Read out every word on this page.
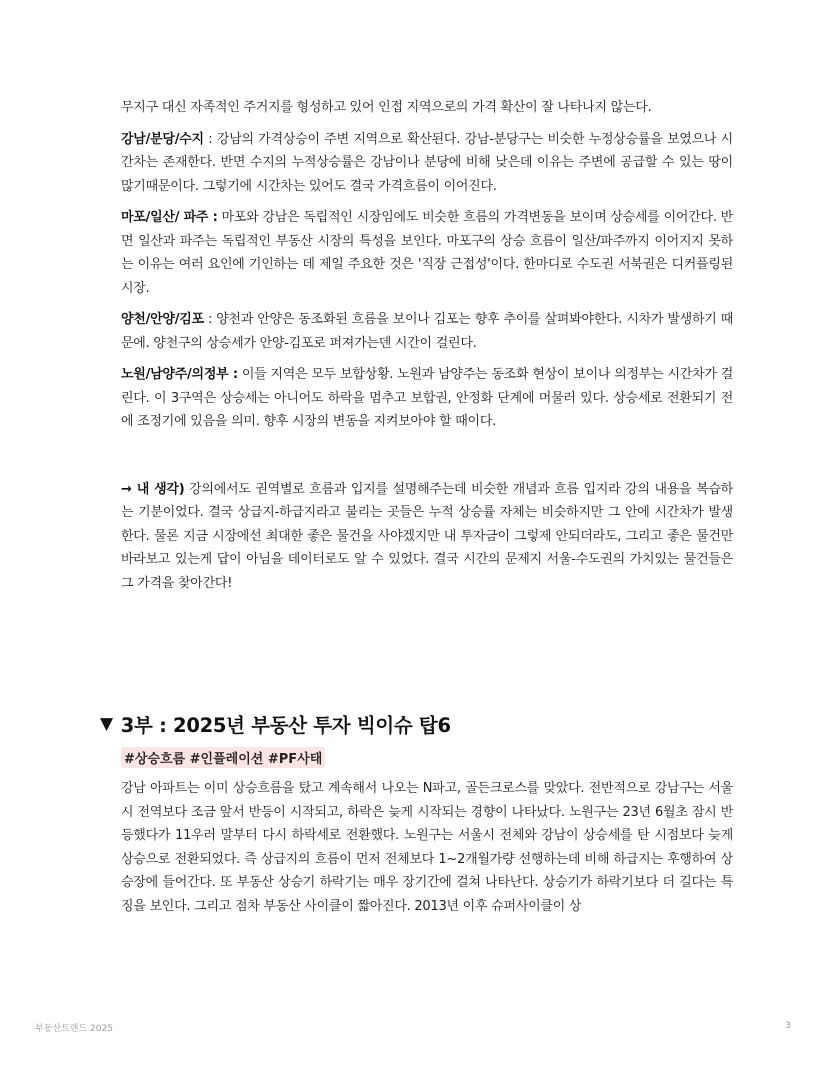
무지구 대신 자족적인 주거지를 형성하고 있어 인접 지역으로의 가격 확산이 잘 나타나지 않는다.

강남/분당/수지 : 강남의 가격상승이 주변 지역으로 확산된다. 강남-분당구는 비슷한 누정상승률을 보였으나 시간차는 존재한다. 반면 수지의 누적상승률은 강남이나 분당에 비해 낮은데 이유는 주변에 공급할 수 있는 땅이 많기때문이다. 그렇기에 시간차는 있어도 결국 가격흐름이 이어진다.

마포/일산/ 파주 : 마포와 강남은 독립적인 시장임에도 비슷한 흐름의 가격변동을 보이며 상승세를 이어간다. 반면 일산과 파주는 독립적인 부동산 시장의 특성을 보인다. 마포구의 상승 흐름이 일산/파주까지 이어지지 못하는 이유는 여러 요인에 기인하는 데 제일 주요한 것은 '직장 근접성'이다. 한마디로 수도권 서북권은 디커플링된 시장.

양천/안양/김포 : 양천과 안양은 동조화된 흐름을 보이나 김포는 향후 추이를 살펴봐야한다. 시차가 발생하기 때문에. 양천구의 상승세가 안양-김포로 퍼져가는덴 시간이 걸린다.

노원/남양주/의정부 : 이들 지역은 모두 보합상황. 노원과 남양주는 동조화 현상이 보이나 의정부는 시간차가 걸린다. 이 3구역은 상승세는 아니어도 하락을 멈추고 보합권, 안정화 단계에 머물러 있다. 상승세로 전환되기 전에 조정기에 있음을 의미. 향후 시장의 변동을 지켜보아야 할 때이다.

→ 내 생각) 강의에서도 권역별로 흐름과 입지를 설명해주는데 비슷한 개념과 흐름 입지라 강의 내용을 복습하는 기분이었다. 결국 상급지-하급지라고 불리는 곳들은 누적 상승률 자체는 비슷하지만 그 안에 시간차가 발생한다. 물론 지금 시장에선 최대한 좋은 물건을 사야겠지만 내 투자금이 그렇제 안되더라도, 그리고 좋은 물건만 바라보고 있는게 답이 아님을 데이터로도 알 수 있었다. 결국 시간의 문제지 서울-수도권의 가치있는 물건들은 그 가격을 찾아간다!

▼ 3부 : 2025년 부동산 투자 빅이슈 탑6
#상승흐름 #인플레이션 #PF사태

강남 아파트는 이미 상승흐름을 탔고 계속해서 나오는 N파고, 골든크로스를 맞았다. 전반적으로 강남구는 서울시 전역보다 조금 앞서 반등이 시작되고, 하락은 늦게 시작되는 경향이 나타났다. 노원구는 23년 6월초 잠시 반등했다가 11우러 말부터 다시 하락세로 전환했다. 노원구는 서울시 전체와 강남이 상승세를 탄 시점보다 늦게 상승으로 전환되었다. 즉 상급지의 흐름이 먼저 전체보다 1~2개월가량 선행하는데 비해 하급지는 후행하여 상승장에 들어간다. 또 부동산 상승기 하락기는 매우 장기간에 걸쳐 나타난다. 상승기가 하락기보다 더 길다는 특징을 보인다. 그리고 점차 부동산 사이클이 짧아진다. 2013년 이후 슈퍼사이클이 상

부동산트렌드 2025	3
